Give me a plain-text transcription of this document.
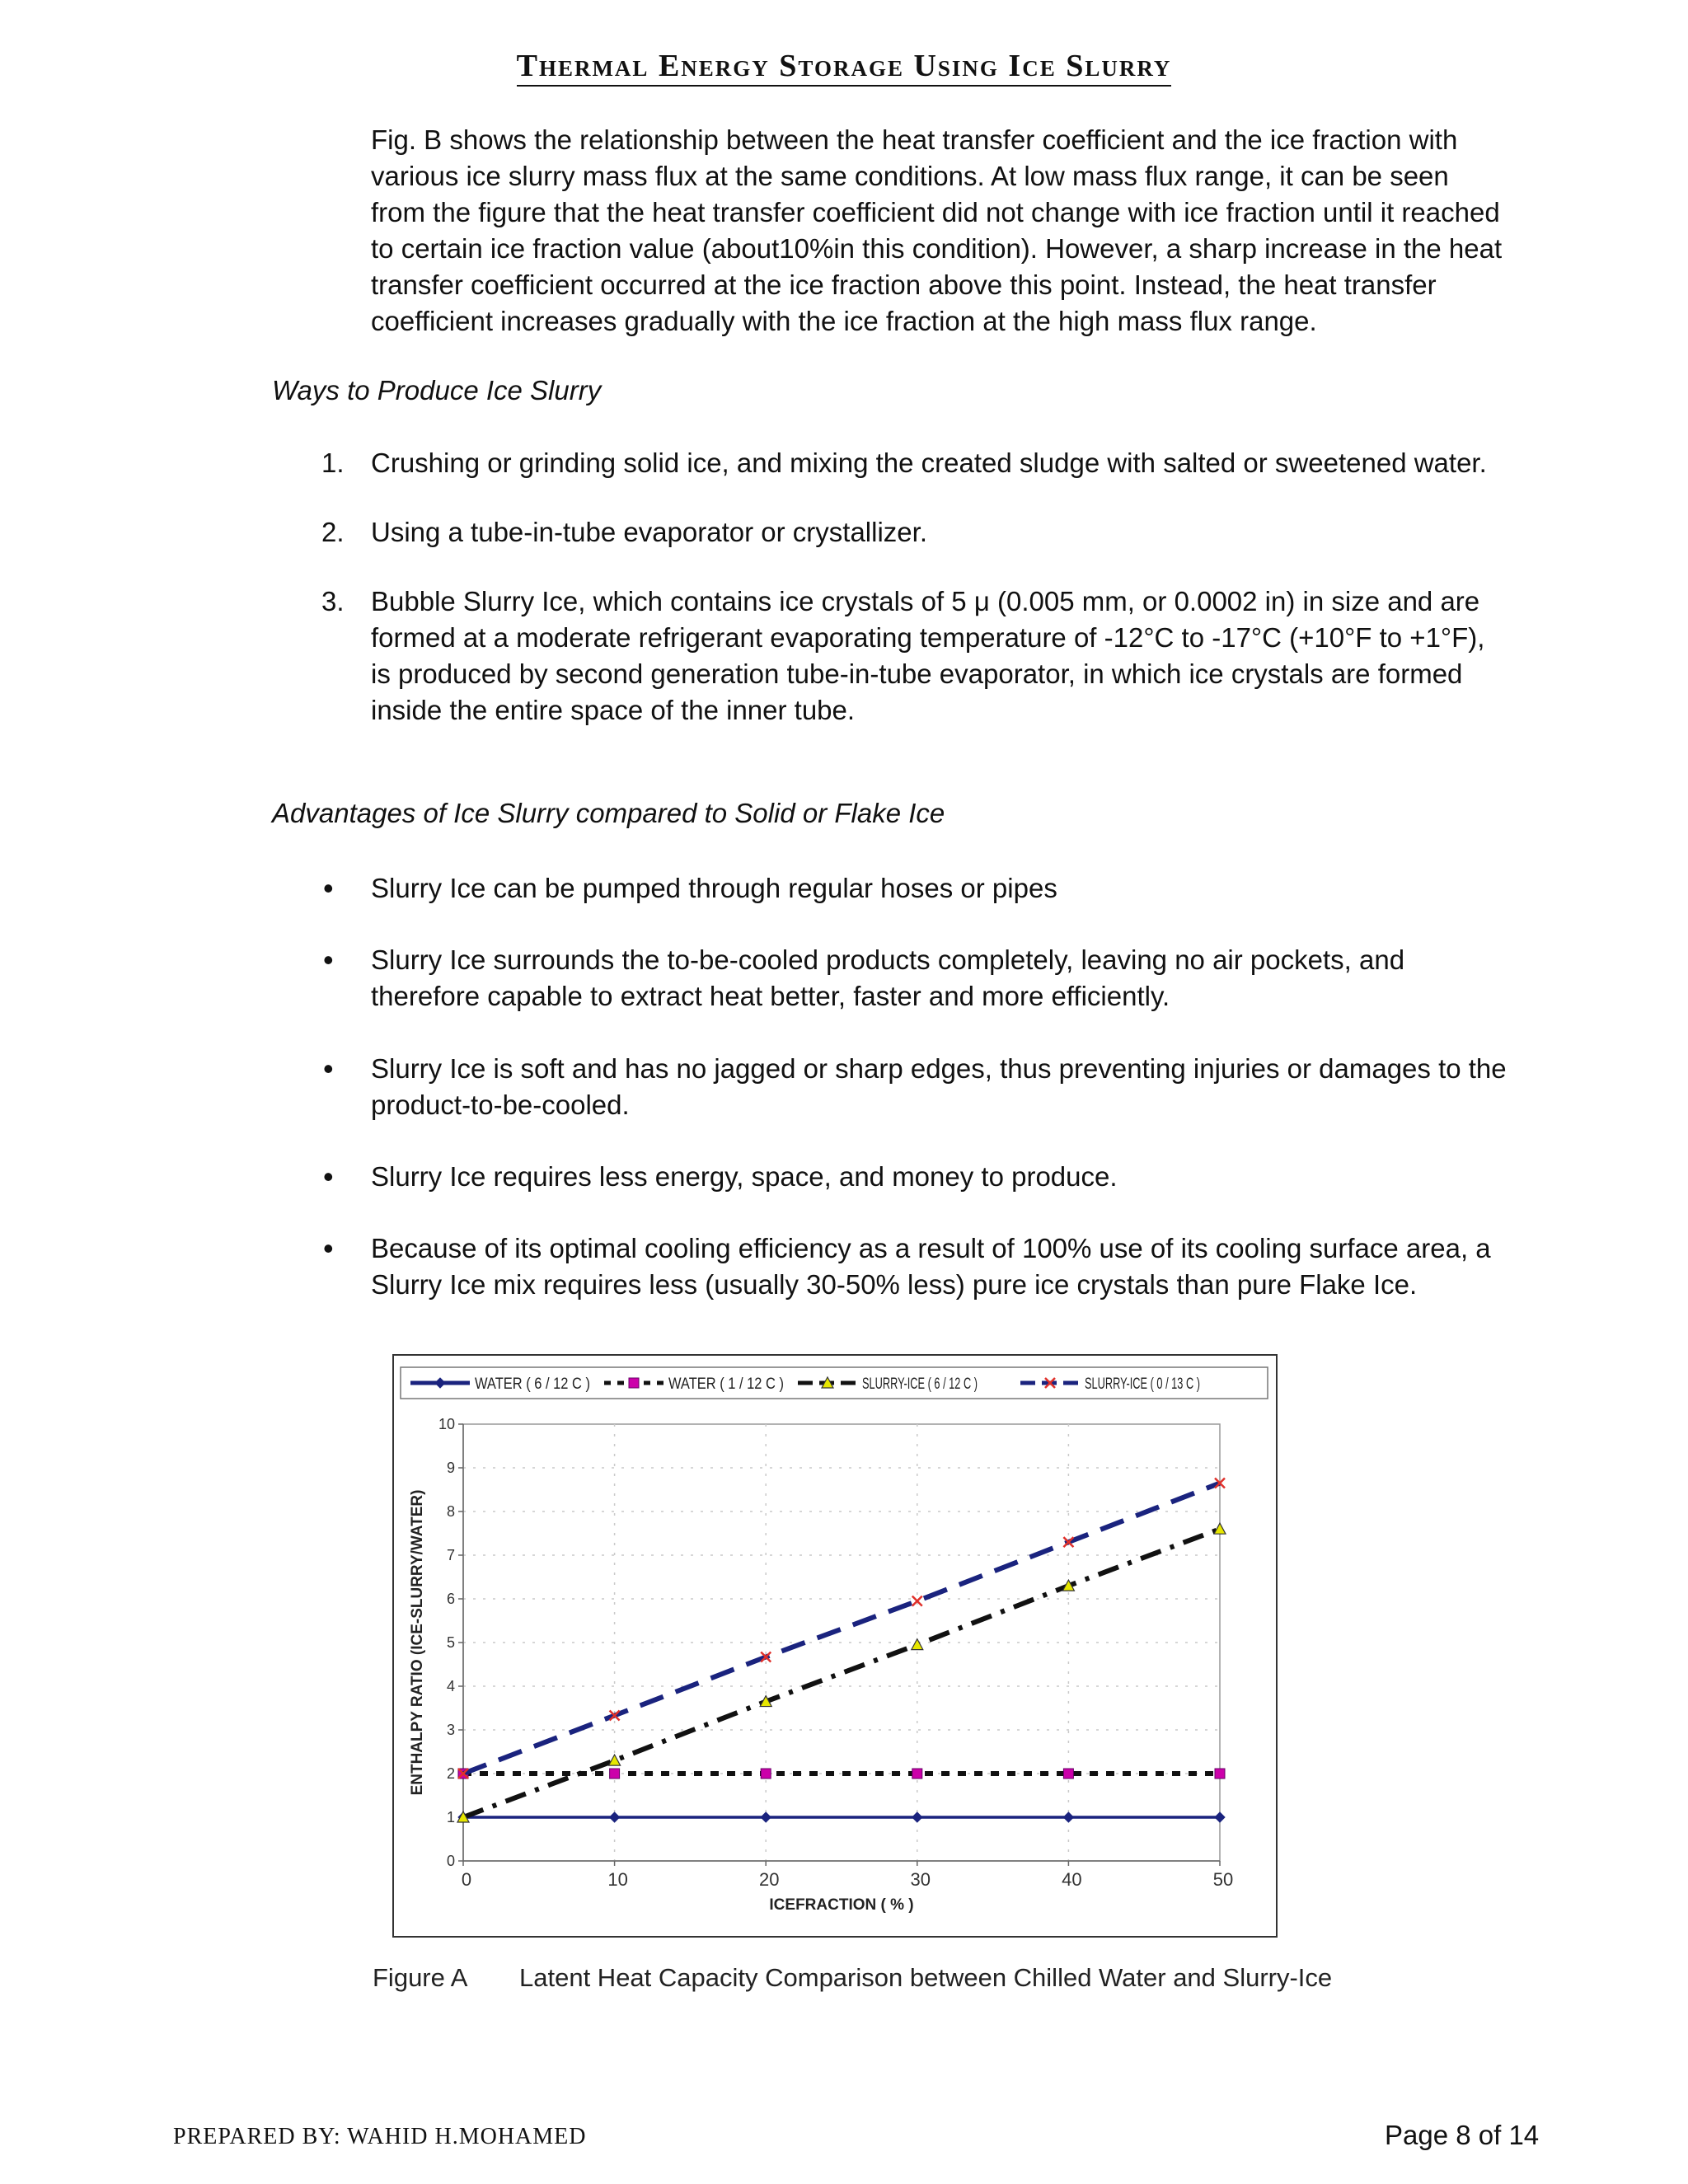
Thermal Energy Storage Using Ice Slurry
Fig. B shows the relationship between the heat transfer coefficient and the ice fraction with
various ice slurry mass flux at the same conditions. At low mass flux range, it can be seen
from the figure that the heat transfer coefficient did not change with ice fraction until it reached
to certain ice fraction value (about10%in this condition). However, a sharp increase in the heat
transfer coefficient occurred at the ice fraction above this point. Instead, the heat transfer
coefficient increases gradually with the ice fraction at the high mass flux range.
Ways to Produce Ice Slurry
1. Crushing or grinding solid ice, and mixing the created sludge with salted or sweetened water.
2. Using a tube-in-tube evaporator or crystallizer.
3. Bubble Slurry Ice, which contains ice crystals of 5 μ (0.005 mm, or 0.0002 in) in size and are
formed at a moderate refrigerant evaporating temperature of -12°C to -17°C (+10°F to +1°F),
is produced by second generation tube-in-tube evaporator, in which ice crystals are formed
inside the entire space of the inner tube.
Advantages of Ice Slurry compared to Solid or Flake Ice
•	Slurry Ice can be pumped through regular hoses or pipes
•	Slurry Ice surrounds the to-be-cooled products completely, leaving no air pockets, and
therefore capable to extract heat better, faster and more efficiently.
•	Slurry Ice is soft and has no jagged or sharp edges, thus preventing injuries or damages to the
product-to-be-cooled.
•	Slurry Ice requires less energy, space, and money to produce.
•	Because of its optimal cooling efficiency as a result of 100% use of its cooling surface area, a
Slurry Ice mix requires less (usually 30-50% less) pure ice crystals than pure Flake Ice.
WATER ( 6 / 12 C )	WATER ( 1 / 12 C )	SLURRY-ICE ( 6 / 12 C )	SLURRY-ICE ( 0 / 13 C )
0
1
2
3
4
5
6
7
8
9
10
0	10	20	30	40	50
ICEFRACTION ( % )
ENTHALPY RATIO (ICE-SLURRY/WATER)
Figure A Latent Heat Capacity Comparison between Chilled Water and Slurry-Ice
PREPARED BY: WAHID H.MOHAMED	Page 8 of 14
